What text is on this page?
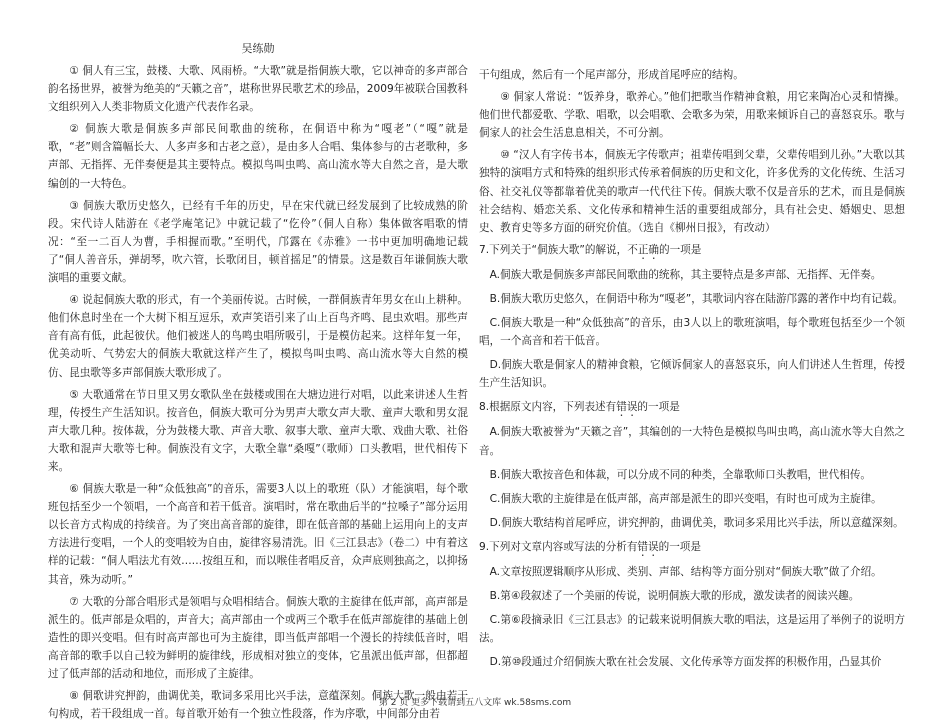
吴练勋

① 侗人有三宝，鼓楼、大歌、风雨桥。“大歌”就是指侗族大歌，它以神奇的多声部合韵名扬世界，被誉为绝美的“天籁之音”，堪称世界民歌艺术的珍品，2009年被联合国教科文组织列入人类非物质文化遗产代表作名录。

② 侗族大歌是侗族多声部民间歌曲的统称，在侗语中称为“嘎老”（“嘎”就是歌，“老”则含篇幅长大、人多声多和古老之意），是由多人合唱、集体参与的古老歌种，多声部、无指挥、无伴奏便是其主要特点。模拟鸟叫虫鸣、高山流水等大自然之音，是大歌编创的一大特色。

③ 侗族大歌历史悠久，已经有千年的历史，早在宋代就已经发展到了比较成熟的阶段。宋代诗人陆游在《老学庵笔记》中就记载了“仡伶”（侗人自称）集体做客唱歌的情况：“至一二百人为曹，手相握而歌。”至明代，邝露在《赤雅》一书中更加明确地记载了“侗人善音乐，弹胡琴，吹六管，长歌闭目，顿首摇足”的情景。这是数百年谦侗族大歌演唱的重要文献。

④ 说起侗族大歌的形式，有一个美丽传说。古时候，一群侗族青年男女在山上耕种。他们休息时坐在一个大树下相互逗乐，欢声笑语引来了山上百鸟齐鸣、昆虫欢唱。那些声音有高有低，此起彼伏。他们被迷人的鸟鸣虫唱所吸引，于是模仿起来。这样年复一年，优美动听、气势宏大的侗族大歌就这样产生了，模拟鸟叫虫鸣、高山流水等大自然的模仿、昆虫歌等多声部侗族大歌形成了。

⑤ 大歌通常在节日里又男女歌队坐在鼓楼或围在大塘边进行对唱，以此来讲述人生哲理，传授生产生活知识。按音色，侗族大歌可分为男声大歌女声大歌、童声大歌和男女混声大歌几种。按体裁，分为鼓楼大歌、声音大歌、叙事大歌、童声大歌、戏曲大歌、社俗大歌和混声大歌等七种。侗族没有文字，大歌全靠“桑嘎”（歌师）口头教唱，世代相传下来。

⑥ 侗族大歌是一种“众低独高”的音乐，需要3人以上的歌班（队）才能演唱，每个歌班包括至少一个领唱，一个高音和若干低音。演唱时，常在歌曲后半的“拉嗓子”部分运用以长音方式构成的持续音。为了突出高音部的旋律，即在低音部的基础上运用向上的支声方法进行变唱，一个人的变唱较为自由，旋律容易清洗。旧《三江县志》（卷二）中有着这样的记载：“侗人唱法尤有效……按组互和，而以喉佳者唱反音，众声底则独高之，以抑扬其音，殊为动听。”

⑦ 大歌的分部合唱形式是领唱与众唱相结合。侗族大歌的主旋律在低声部，高声部是派生的。低声部是众唱的，声音大；高声部由一个或两三个歌手在低声部旋律的基础上创造性的即兴变唱。但有时高声部也可为主旋律，即当低声部唱一个漫长的持续低音时，唱高音部的歌手以自己较为鲜明的旋律线，形成相对独立的变体，它虽派出低声部，但都超过了低声部的活动和地位，而形成了主旋律。

⑧ 侗歌讲究押韵，曲调优美，歌词多采用比兴手法，意蕴深刻。侗族大歌一般由若干句构成，若干段组成一首。每首歌开始有一个独立性段落，作为序歌，中间部分由若

干句组成，然后有一个尾声部分，形成首尾呼应的结构。

⑨ 侗家人常说：“饭养身，歌养心。”他们把歌当作精神食粮，用它来陶冶心灵和情操。他们世代都爱歌、学歌、唱歌，以会唱歌、会歌多为荣，用歌来倾诉自己的喜怒哀乐。歌与侗家人的社会生活息息相关，不可分割。

⑩ “汉人有字传书本，侗族无字传歌声；祖辈传唱到父辈，父辈传唱到儿孙。”大歌以其独特的演唱方式和特殊的组织形式传承着侗族的历史和文化，许多优秀的文化传统、生活习俗、社交礼仪等都靠着优美的歌声一代代往下传。侗族大歌不仅是音乐的艺术，而且是侗族社会结构、婚恋关系、文化传承和精神生活的重要组成部分，具有社会史、婚姻史、思想史、教育史等多方面的研究价值。（选自《柳州日报》，有改动）

7.下列关于“侗族大歌”的解说，不正确的一项是

A.侗族大歌是侗族多声部民间歌曲的统称，其主要特点是多声部、无指挥、无伴奏。

B.侗族大歌历史悠久，在侗语中称为“嘎老”，其歌词内容在陆游邝露的著作中均有记载。

C.侗族大歌是一种“众低独高”的音乐，由3人以上的歌班演唱，每个歌班包括至少一个领唱，一个高音和若干低音。

D.侗族大歌是侗家人的精神食粮，它倾诉侗家人的喜怒哀乐，向人们讲述人生哲理，传授生产生活知识。

8.根据原文内容，下列表述有错误的一项是

A.侗族大歌被誉为“天籁之音”，其编创的一大特色是模拟鸟叫虫鸣，高山流水等大自然之音。

B.侗族大歌按音色和体裁，可以分成不同的种类，全靠歌师口头教唱，世代相传。

C.侗族大歌的主旋律是在低声部，高声部是派生的即兴变唱，有时也可成为主旋律。

D.侗族大歌结构首尾呼应，讲究押韵，曲调优美，歌词多采用比兴手法，所以意蕴深刻。

9.下列对文章内容或写法的分析有错误的一项是

A.文章按照逻辑顺序从形成、类别、声部、结构等方面分别对“侗族大歌”做了介绍。

B.第④段叙述了一个美丽的传说，说明侗族大歌的形成，激发读者的阅读兴趣。

C.第⑥段摘录旧《三江县志》的记载来说明侗族大歌的唱法，这是运用了举例子的说明方法。

D.第⑩段通过介绍侗族大歌在社会发展、文化传承等方面发挥的积极作用，凸显其价

第 2 页 更多下载请到五八文库 wk.58sms.com
